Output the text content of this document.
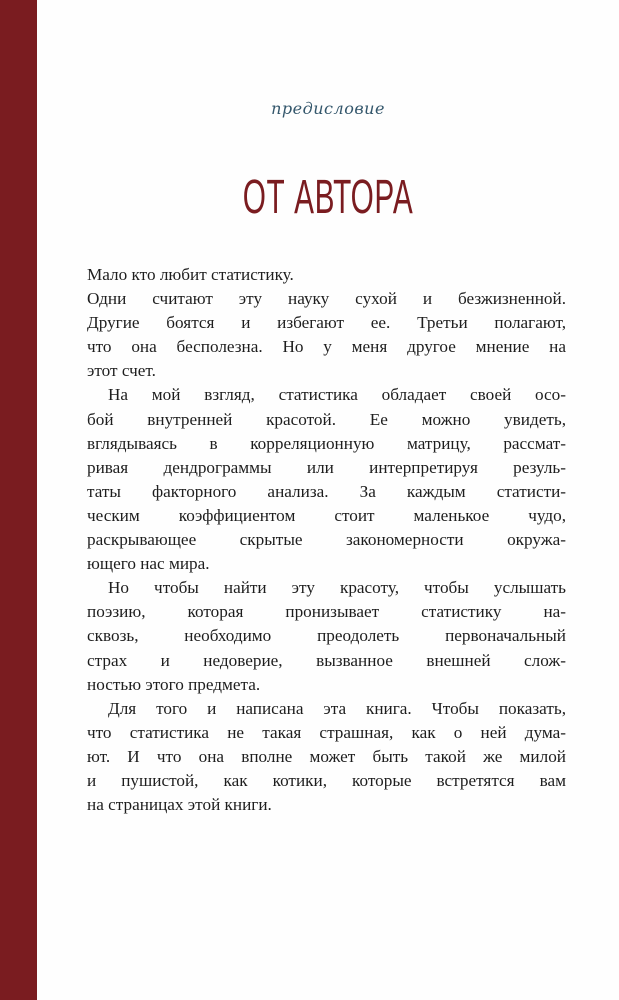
предисловие
ОТ АВТОРА
Мало кто любит статистику.
Одни считают эту науку сухой и безжизненной.
Другие боятся и избегают ее. Третьи полагают,
что она бесполезна. Но у меня другое мнение на
этот счет.
На мой взгляд, статистика обладает своей осо-
бой внутренней красотой. Ее можно увидеть,
вглядываясь в корреляционную матрицу, рассмат-
ривая дендрограммы или интерпретируя резуль-
таты факторного анализа. За каждым статисти-
ческим коэффициентом стоит маленькое чудо,
раскрывающее скрытые закономерности окружа-
ющего нас мира.
Но чтобы найти эту красоту, чтобы услышать
поэзию, которая пронизывает статистику на-
сквозь, необходимо преодолеть первоначальный
страх и недоверие, вызванное внешней слож-
ностью этого предмета.
Для того и написана эта книга. Чтобы показать,
что статистика не такая страшная, как о ней дума-
ют. И что она вполне может быть такой же милой
и пушистой, как котики, которые встретятся вам
на страницах этой книги.
